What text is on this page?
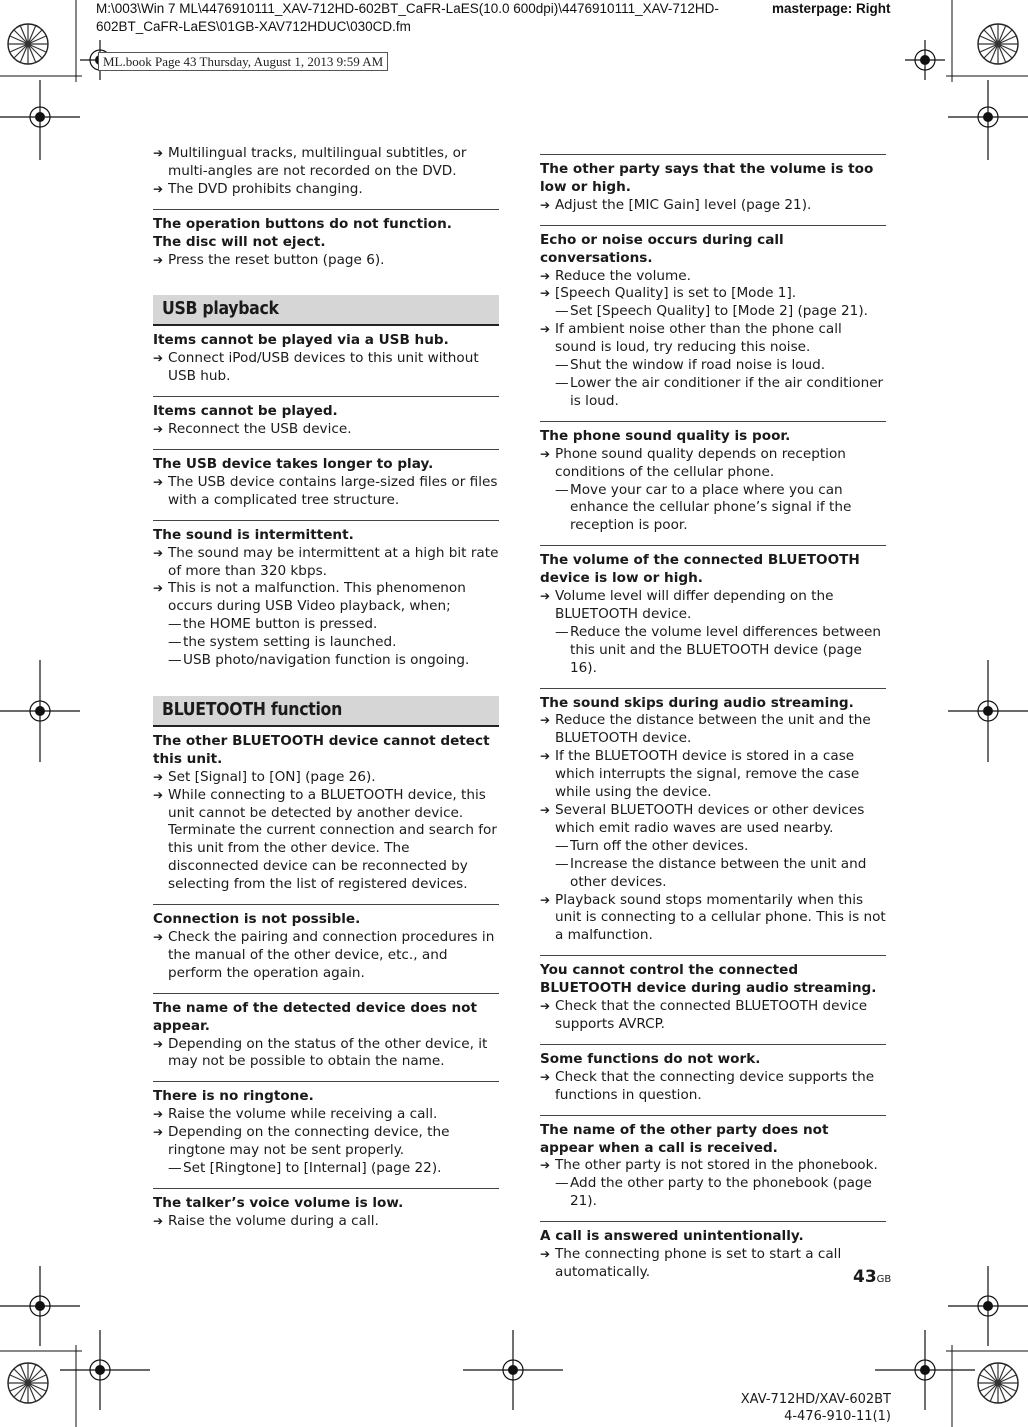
M:\003\Win 7 ML\4476910111_XAV-712HD-602BT_CaFR-LaES(10.0 600dpi)\4476910111_XAV-712HD-602BT_CaFR-LaES\01GB-XAV712HDUC\030CD.fm
masterpage: Right
ML.book Page 43 Thursday, August 1, 2013 9:59 AM
➔ Multilingual tracks, multilingual subtitles, or multi-angles are not recorded on the DVD.
➔ The DVD prohibits changing.
The operation buttons do not function.
The disc will not eject.
➔ Press the reset button (page 6).
USB playback
Items cannot be played via a USB hub.
➔ Connect iPod/USB devices to this unit without USB hub.
Items cannot be played.
➔ Reconnect the USB device.
The USB device takes longer to play.
➔ The USB device contains large-sized files or files with a complicated tree structure.
The sound is intermittent.
➔ The sound may be intermittent at a high bit rate of more than 320 kbps.
➔ This is not a malfunction. This phenomenon occurs during USB Video playback, when;
— the HOME button is pressed.
— the system setting is launched.
— USB photo/navigation function is ongoing.
BLUETOOTH function
The other BLUETOOTH device cannot detect this unit.
➔ Set [Signal] to [ON] (page 26).
➔ While connecting to a BLUETOOTH device, this unit cannot be detected by another device. Terminate the current connection and search for this unit from the other device. The disconnected device can be reconnected by selecting from the list of registered devices.
Connection is not possible.
➔ Check the pairing and connection procedures in the manual of the other device, etc., and perform the operation again.
The name of the detected device does not appear.
➔ Depending on the status of the other device, it may not be possible to obtain the name.
There is no ringtone.
➔ Raise the volume while receiving a call.
➔ Depending on the connecting device, the ringtone may not be sent properly.
— Set [Ringtone] to [Internal] (page 22).
The talker’s voice volume is low.
➔ Raise the volume during a call.
The other party says that the volume is too low or high.
➔ Adjust the [MIC Gain] level (page 21).
Echo or noise occurs during call conversations.
➔ Reduce the volume.
➔ [Speech Quality] is set to [Mode 1].
— Set [Speech Quality] to [Mode 2] (page 21).
➔ If ambient noise other than the phone call sound is loud, try reducing this noise.
— Shut the window if road noise is loud.
— Lower the air conditioner if the air conditioner is loud.
The phone sound quality is poor.
➔ Phone sound quality depends on reception conditions of the cellular phone.
— Move your car to a place where you can enhance the cellular phone’s signal if the reception is poor.
The volume of the connected BLUETOOTH device is low or high.
➔ Volume level will differ depending on the BLUETOOTH device.
— Reduce the volume level differences between this unit and the BLUETOOTH device (page 16).
The sound skips during audio streaming.
➔ Reduce the distance between the unit and the BLUETOOTH device.
➔ If the BLUETOOTH device is stored in a case which interrupts the signal, remove the case while using the device.
➔ Several BLUETOOTH devices or other devices which emit radio waves are used nearby.
— Turn off the other devices.
— Increase the distance between the unit and other devices.
➔ Playback sound stops momentarily when this unit is connecting to a cellular phone. This is not a malfunction.
You cannot control the connected BLUETOOTH device during audio streaming.
➔ Check that the connected BLUETOOTH device supports AVRCP.
Some functions do not work.
➔ Check that the connecting device supports the functions in question.
The name of the other party does not appear when a call is received.
➔ The other party is not stored in the phonebook.
— Add the other party to the phonebook (page 21).
A call is answered unintentionally.
➔ The connecting phone is set to start a call automatically.	43GB
XAV-712HD/XAV-602BT
4-476-910-11(1)
